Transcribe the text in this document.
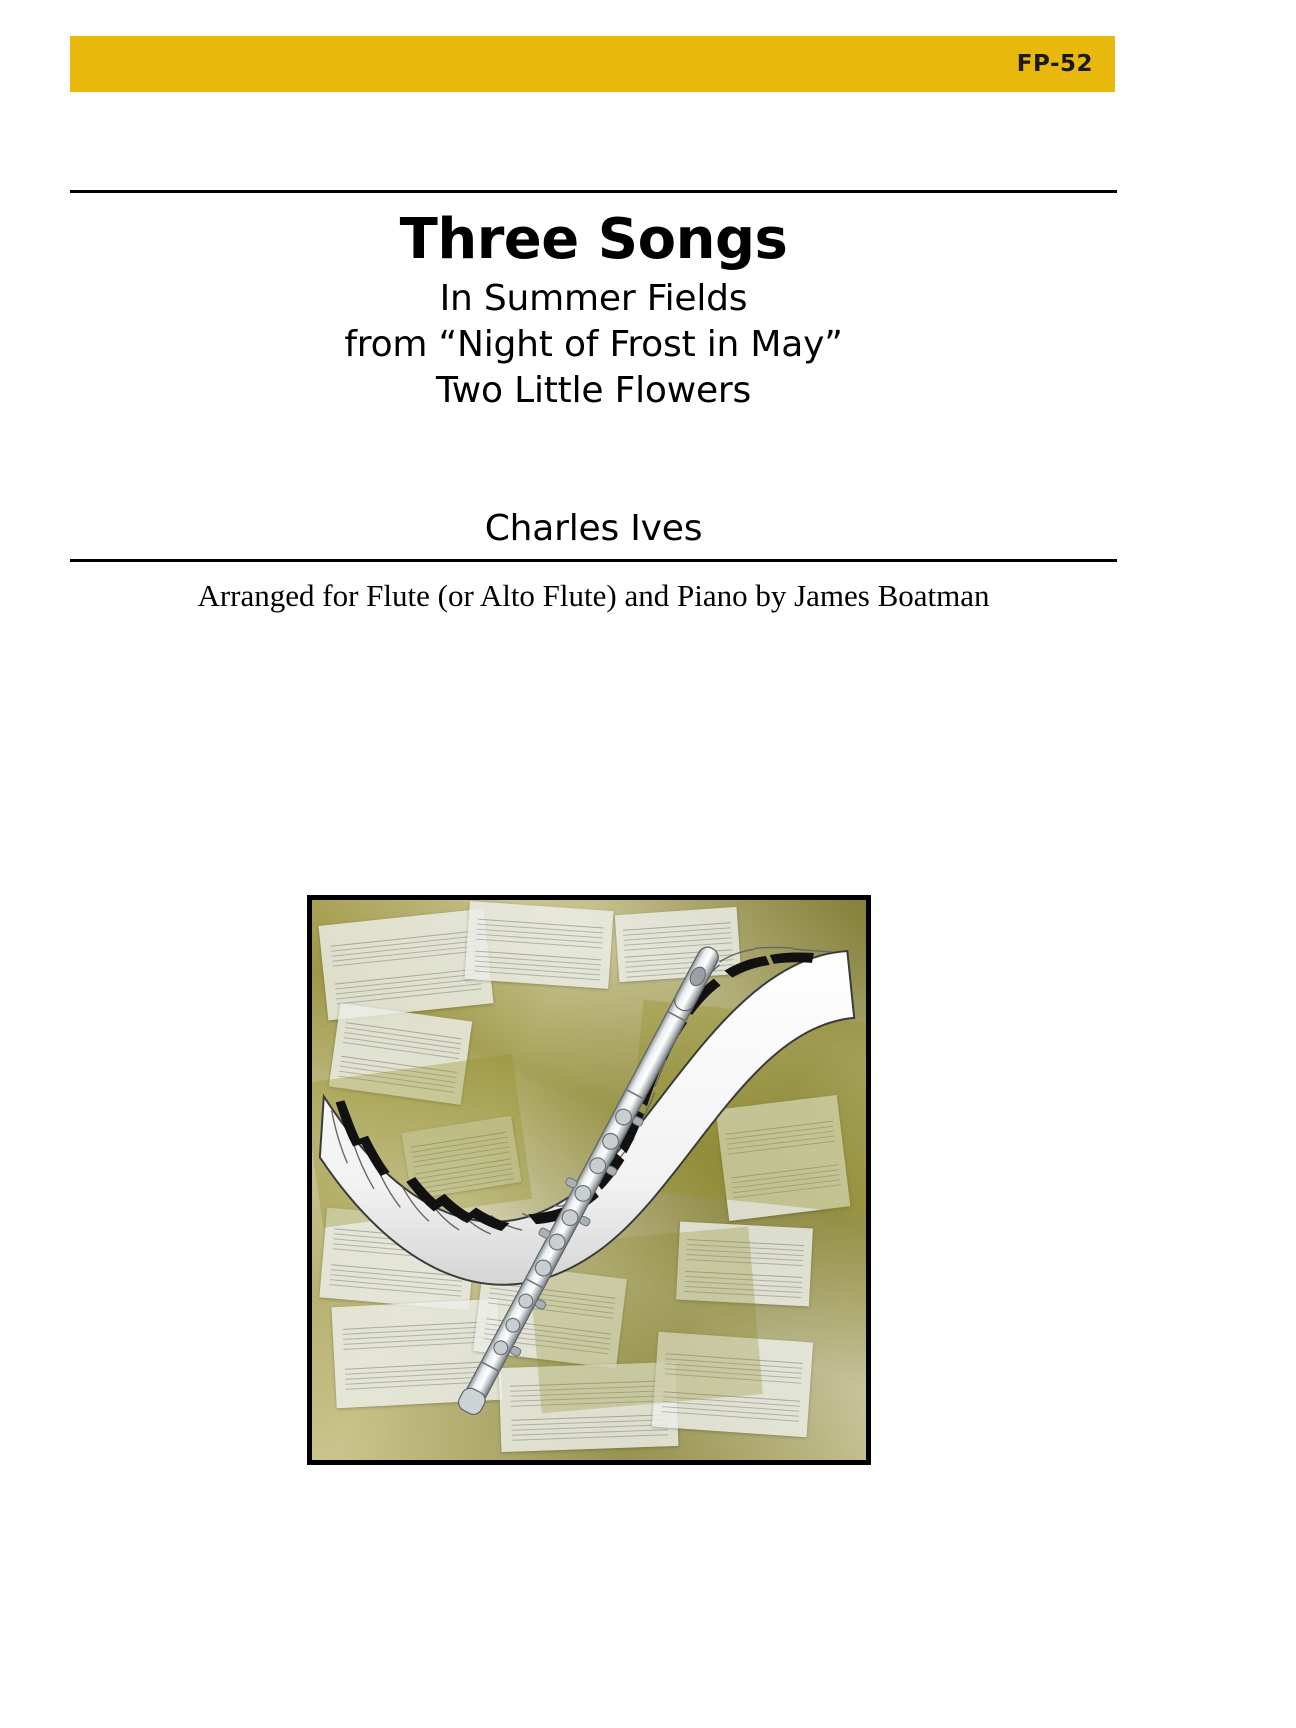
FP-52
Three Songs
In Summer Fields
from “Night of Frost in May”
Two Little Flowers
Charles Ives
Arranged for Flute (or Alto Flute) and Piano by James Boatman
